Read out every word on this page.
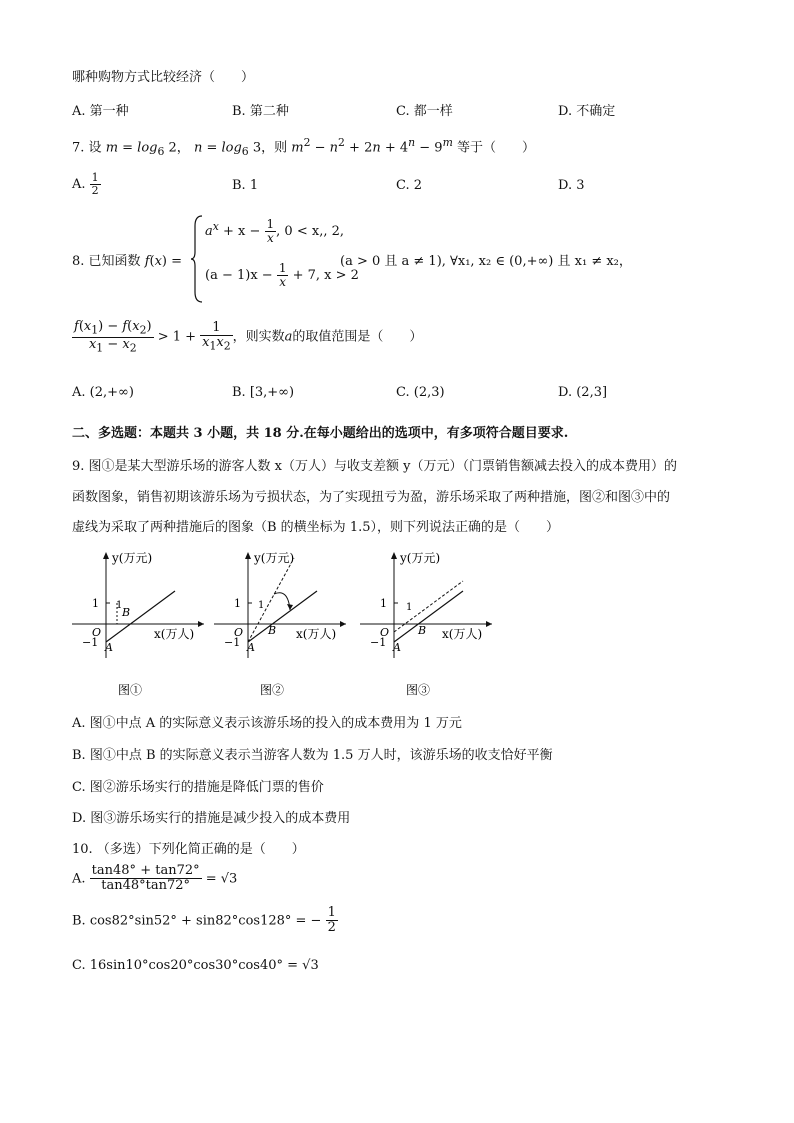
哪种购物方式比较经济（　　）
A. 第一种	B. 第二种	C. 都一样	D. 不确定
7. 设 $m = \log_6 2$， $n = \log_6 3$，则 $m^2 - n^2 + 2n + 4^n - 9^m$ 等于（　　）
A. $\frac{1}{2}$	B. 1	C. 2	D. 3
8. 已知函数 f(x) =
$a^x + x - \frac{1}{x}$ , 0 < x,, 2,
$(a - 1)x - \frac{1}{x} + 7$, x > 2
(a > 0 且 a ≠ 1), ∀x₁, x₂ ∈ (0,+∞) 且 x₁ ≠ x₂，
$\frac{f(x_1) - f(x_2)}{x_1 - x_2} > 1 + \frac{1}{x_1x_2}$ ，则实数a的取值范围是（　　）
A. (2,+∞)	B. [3,+∞)	C. (2,3)	D. (2,3]
二、多选题：本题共 3 小题，共 18 分.在每小题给出的选项中，有多项符合题目要求.
9. 图①是某大型游乐场的游客人数 x（万人）与收支差额 y（万元）（门票销售额减去投入的成本费用）的
函数图象，销售初期该游乐场为亏损状态，为了实现扭亏为盈，游乐场采取了两种措施，图②和图③中的
虚线为采取了两种措施后的图象（B 的横坐标为 1.5），则下列说法正确的是（　　）
y(万元)
x(万人)
1
O
−1
1
B
A
图①
y(万元)
x(万人)
1
O
−1
1
B
A
图②
y(万元)
x(万人)
1
O
−1
1
B
A
图③
A. 图①中点 A 的实际意义表示该游乐场的投入的成本费用为 1 万元
B. 图①中点 B 的实际意义表示当游客人数为 1.5 万人时，该游乐场的收支恰好平衡
C. 图②游乐场实行的措施是降低门票的售价
D. 图③游乐场实行的措施是减少投入的成本费用
10. （多选）下列化简正确的是（　　）
A. $\frac{\tan 48^\circ + \tan 72^\circ}{\tan 48^\circ\tan 72^\circ} = √3$
B. cos82°sin52° + sin82°cos128° = − $\frac{1}{2}$
C. 16sin10°cos20°cos30°cos40° = √3
